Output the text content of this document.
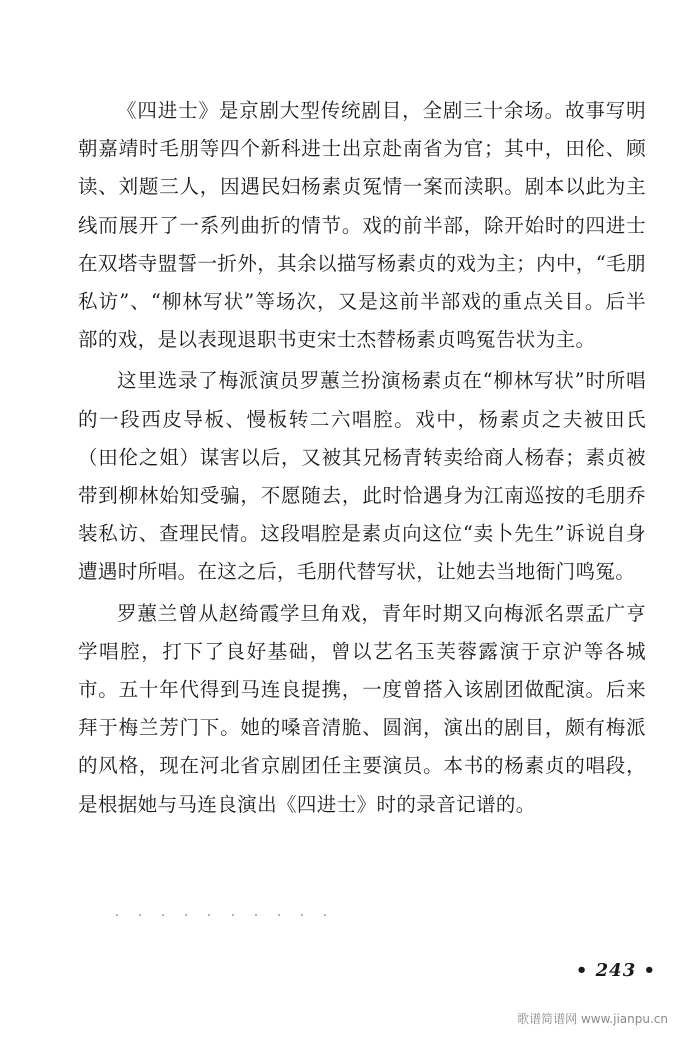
《四进士》是京剧大型传统剧目，全剧三十余场。故事写明朝嘉靖时毛朋等四个新科进士出京赴南省为官；其中，田伦、顾读、刘题三人，因遇民妇杨素贞冤情一案而渎职。剧本以此为主线而展开了一系列曲折的情节。戏的前半部，除开始时的四进士在双塔寺盟誓一折外，其余以描写杨素贞的戏为主；内中，“毛朋私访”、“柳林写状”等场次，又是这前半部戏的重点关目。后半部的戏，是以表现退职书吏宋士杰替杨素贞鸣冤告状为主。

这里选录了梅派演员罗蕙兰扮演杨素贞在“柳林写状”时所唱的一段西皮导板、慢板转二六唱腔。戏中，杨素贞之夫被田氏（田伦之姐）谋害以后，又被其兄杨青转卖给商人杨春；素贞被带到柳林始知受骗，不愿随去，此时恰遇身为江南巡按的毛朋乔装私访、查理民情。这段唱腔是素贞向这位“卖卜先生”诉说自身遭遇时所唱。在这之后，毛朋代替写状，让她去当地衙门鸣冤。

罗蕙兰曾从赵绮霞学旦角戏，青年时期又向梅派名票孟广亨学唱腔，打下了良好基础，曾以艺名玉芙蓉露演于京沪等各城市。五十年代得到马连良提携，一度曾搭入该剧团做配演。后来拜于梅兰芳门下。她的嗓音清脆、圆润，演出的剧目，颇有梅派的风格，现在河北省京剧团任主要演员。本书的杨素贞的唱段，是根据她与马连良演出《四进士》时的录音记谱的。

• 243 •
歌谱简谱网 www.jianpu.cn
